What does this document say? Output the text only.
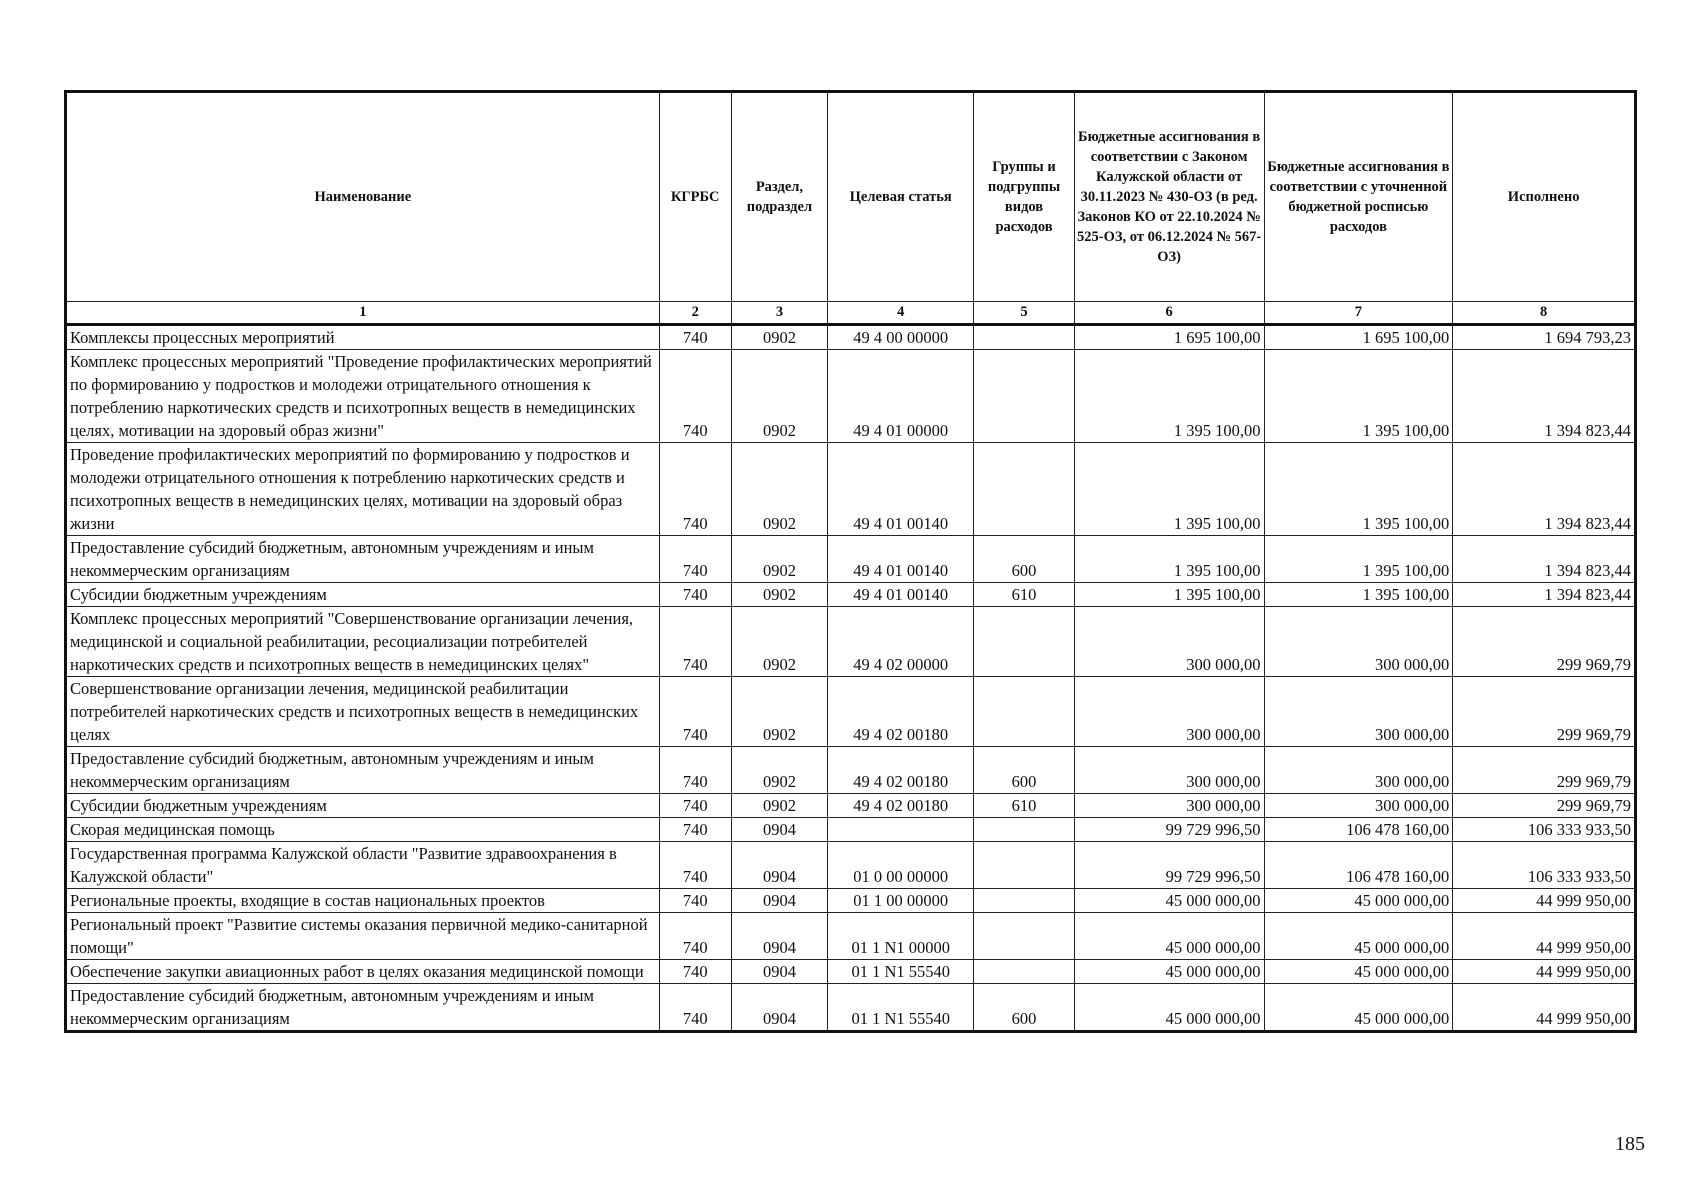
Наименование	КГРБС	Раздел, подраздел	Целевая статья	Группы и подгруппы видов расходов	Бюджетные ассигнования в соответствии с Законом Калужской области от 30.11.2023 № 430-ОЗ (в ред. Законов КО от 22.10.2024 № 525-ОЗ, от 06.12.2024 № 567-ОЗ)	Бюджетные ассигнования в соответствии с уточненной бюджетной росписью расходов	Исполнено
1	2	3	4	5	6	7	8
Комплексы процессных мероприятий	740	0902	49 4 00 00000		1 695 100,00	1 695 100,00	1 694 793,23
Комплекс процессных мероприятий "Проведение профилактических мероприятий по формированию у подростков и молодежи отрицательного отношения к потреблению наркотических средств и психотропных веществ в немедицинских целях, мотивации на здоровый образ жизни"	740	0902	49 4 01 00000		1 395 100,00	1 395 100,00	1 394 823,44
Проведение профилактических мероприятий по формированию у подростков и молодежи отрицательного отношения к потреблению наркотических средств и психотропных веществ в немедицинских целях, мотивации на здоровый образ жизни	740	0902	49 4 01 00140		1 395 100,00	1 395 100,00	1 394 823,44
Предоставление субсидий бюджетным, автономным учреждениям и иным некоммерческим организациям	740	0902	49 4 01 00140	600	1 395 100,00	1 395 100,00	1 394 823,44
Субсидии бюджетным учреждениям	740	0902	49 4 01 00140	610	1 395 100,00	1 395 100,00	1 394 823,44
Комплекс процессных мероприятий "Совершенствование организации лечения, медицинской и социальной реабилитации, ресоциализации потребителей наркотических средств и психотропных веществ в немедицинских целях"	740	0902	49 4 02 00000		300 000,00	300 000,00	299 969,79
Совершенствование организации лечения, медицинской реабилитации потребителей наркотических средств и психотропных веществ в немедицинских целях	740	0902	49 4 02 00180		300 000,00	300 000,00	299 969,79
Предоставление субсидий бюджетным, автономным учреждениям и иным некоммерческим организациям	740	0902	49 4 02 00180	600	300 000,00	300 000,00	299 969,79
Субсидии бюджетным учреждениям	740	0902	49 4 02 00180	610	300 000,00	300 000,00	299 969,79
Скорая медицинская помощь	740	0904			99 729 996,50	106 478 160,00	106 333 933,50
Государственная программа Калужской области "Развитие здравоохранения в Калужской области"	740	0904	01 0 00 00000		99 729 996,50	106 478 160,00	106 333 933,50
Региональные проекты, входящие в состав национальных проектов	740	0904	01 1 00 00000		45 000 000,00	45 000 000,00	44 999 950,00
Региональный проект "Развитие системы оказания первичной медико-санитарной помощи"	740	0904	01 1 N1 00000		45 000 000,00	45 000 000,00	44 999 950,00
Обеспечение закупки авиационных работ в целях оказания медицинской помощи	740	0904	01 1 N1 55540		45 000 000,00	45 000 000,00	44 999 950,00
Предоставление субсидий бюджетным, автономным учреждениям и иным некоммерческим организациям	740	0904	01 1 N1 55540	600	45 000 000,00	45 000 000,00	44 999 950,00
185
